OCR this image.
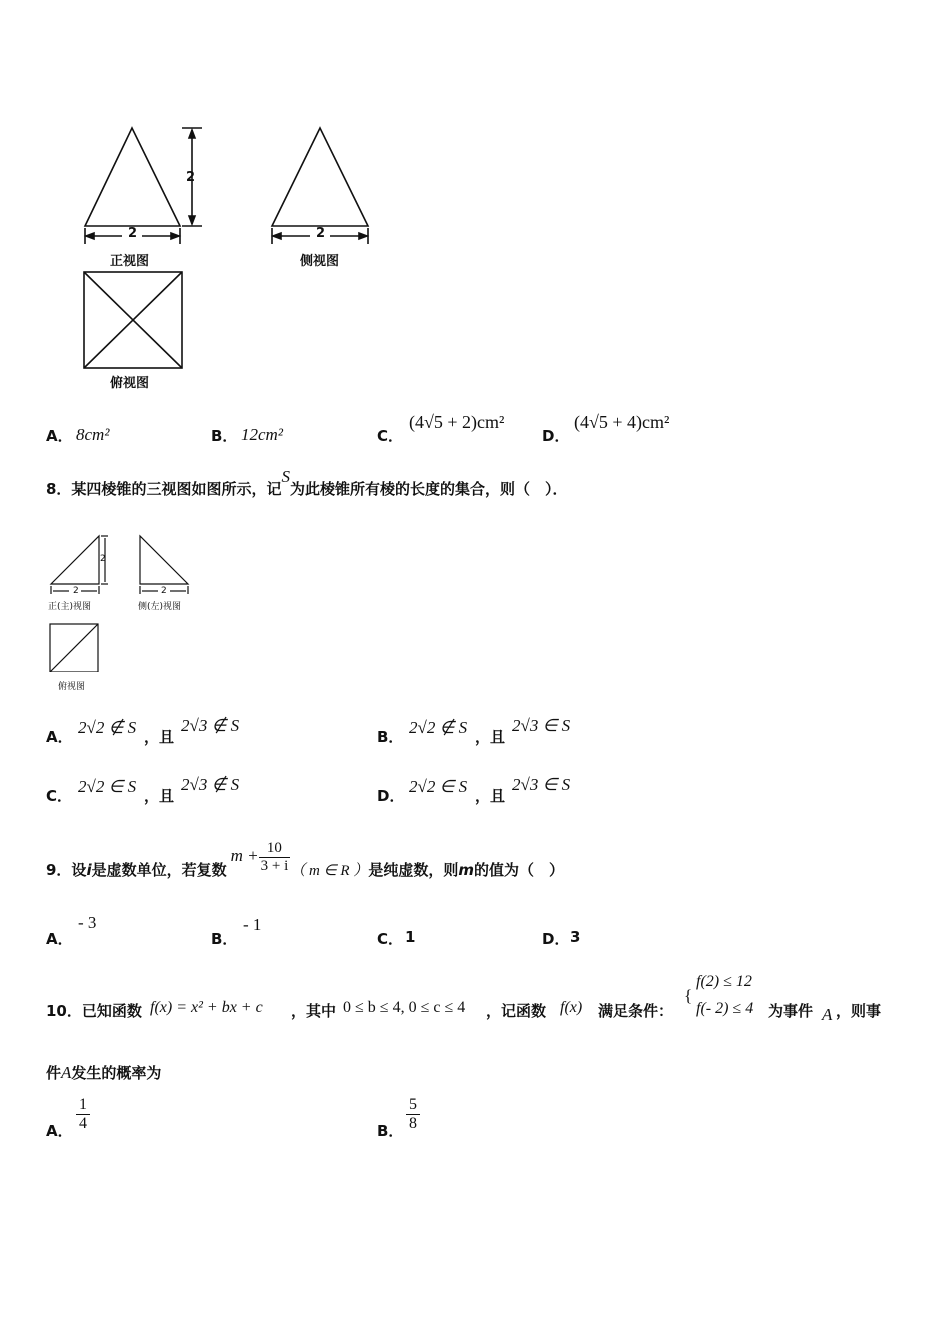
2
2	2
正视图	侧视图
俯视图
A． 8cm²	B． 12cm²	C．
(4√5 + 2)cm²
D．
(4√5 + 4)cm²
8．某四棱锥的三视图如图所示，记S为此棱锥所有棱的长度的集合，则（　）．
2
2	2
正(主)视图	侧(左)视图
俯视图
A． 2√2 ∉ S ，且
2√3 ∉ S
B． 2√2 ∉ S ，且
2√3 ∈ S
C． 2√2 ∈ S ，且
2√3 ∉ S
D． 2√2 ∈ S ，且
2√3 ∈ S
9．设i是虚数单位，若复数$m + \frac{10}{3 + i}$ （ m ∈ R ）是纯虚数，则m的值为（　）
A．
- 3
B．
- 1
C． 1	D． 3
10．已知函数 f(x) = x² + bx + c ，其中 0 ≤ b ≤ 4, 0 ≤ c ≤ 4 ，记函数 f(x) 满足条件：
{
f(2) ≤ 12
f(- 2) ≤ 4 为事件 A ，则事
件A发生的概率为
A．
1
4	B．
5
8
